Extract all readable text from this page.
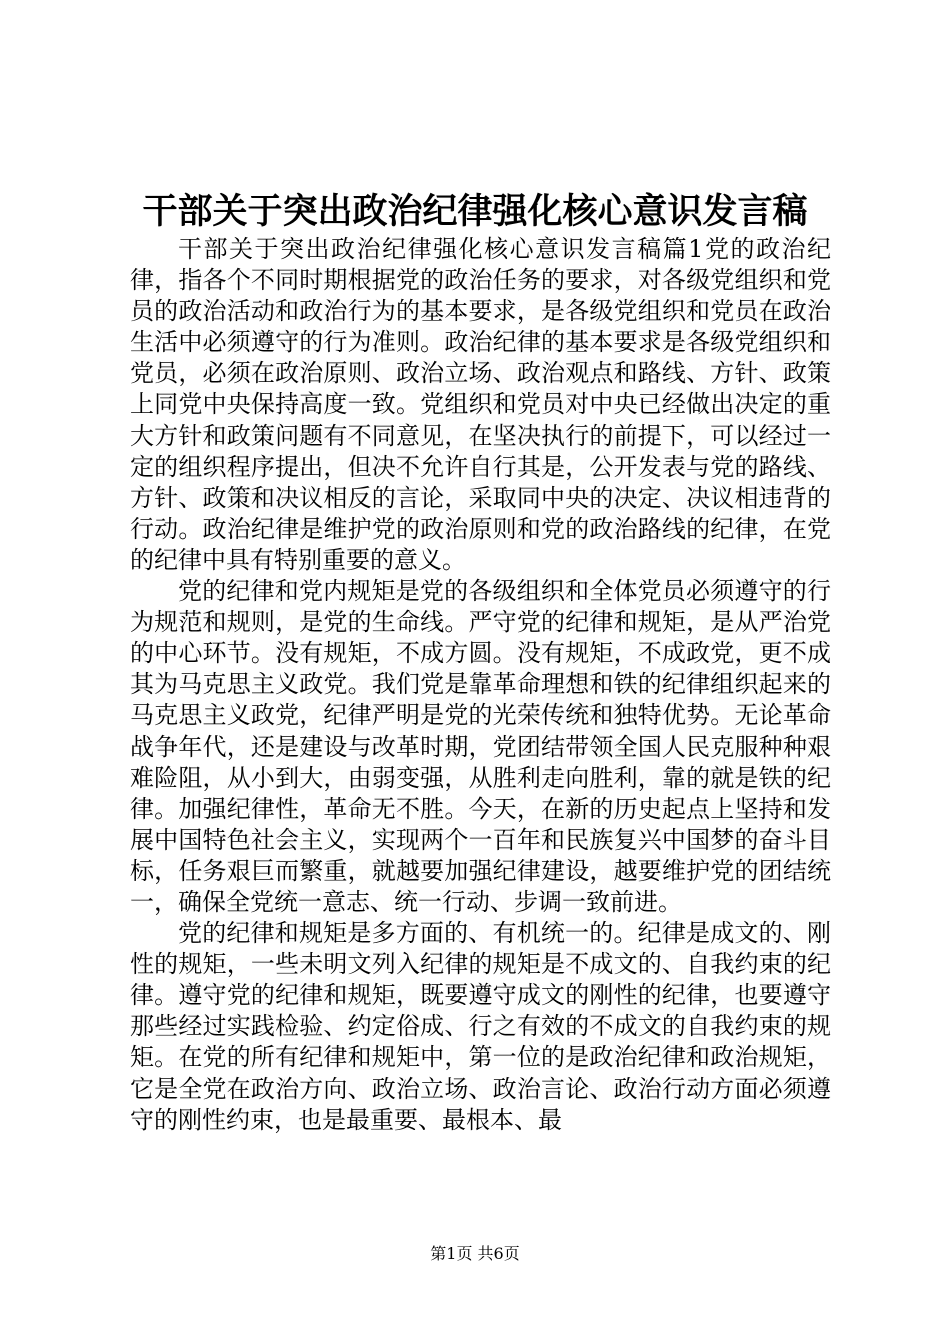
干部关于突出政治纪律强化核心意识发言稿

干部关于突出政治纪律强化核心意识发言稿篇1党的政治纪律，指各个不同时期根据党的政治任务的要求，对各级党组织和党员的政治活动和政治行为的基本要求，是各级党组织和党员在政治生活中必须遵守的行为准则。政治纪律的基本要求是各级党组织和党员，必须在政治原则、政治立场、政治观点和路线、方针、政策上同党中央保持高度一致。党组织和党员对中央已经做出决定的重大方针和政策问题有不同意见，在坚决执行的前提下，可以经过一定的组织程序提出，但决不允许自行其是，公开发表与党的路线、方针、政策和决议相反的言论，采取同中央的决定、决议相违背的行动。政治纪律是维护党的政治原则和党的政治路线的纪律，在党的纪律中具有特别重要的意义。

党的纪律和党内规矩是党的各级组织和全体党员必须遵守的行为规范和规则，是党的生命线。严守党的纪律和规矩，是从严治党的中心环节。没有规矩，不成方圆。没有规矩，不成政党，更不成其为马克思主义政党。我们党是靠革命理想和铁的纪律组织起来的马克思主义政党，纪律严明是党的光荣传统和独特优势。无论革命战争年代，还是建设与改革时期，党团结带领全国人民克服种种艰难险阻，从小到大，由弱变强，从胜利走向胜利，靠的就是铁的纪律。加强纪律性，革命无不胜。今天，在新的历史起点上坚持和发展中国特色社会主义，实现两个一百年和民族复兴中国梦的奋斗目标，任务艰巨而繁重，就越要加强纪律建设，越要维护党的团结统一，确保全党统一意志、统一行动、步调一致前进。

党的纪律和规矩是多方面的、有机统一的。纪律是成文的、刚性的规矩，一些未明文列入纪律的规矩是不成文的、自我约束的纪律。遵守党的纪律和规矩，既要遵守成文的刚性的纪律，也要遵守那些经过实践检验、约定俗成、行之有效的不成文的自我约束的规矩。在党的所有纪律和规矩中，第一位的是政治纪律和政治规矩，它是全党在政治方向、政治立场、政治言论、政治行动方面必须遵守的刚性约束，也是最重要、最根本、最

第1页 共6页
